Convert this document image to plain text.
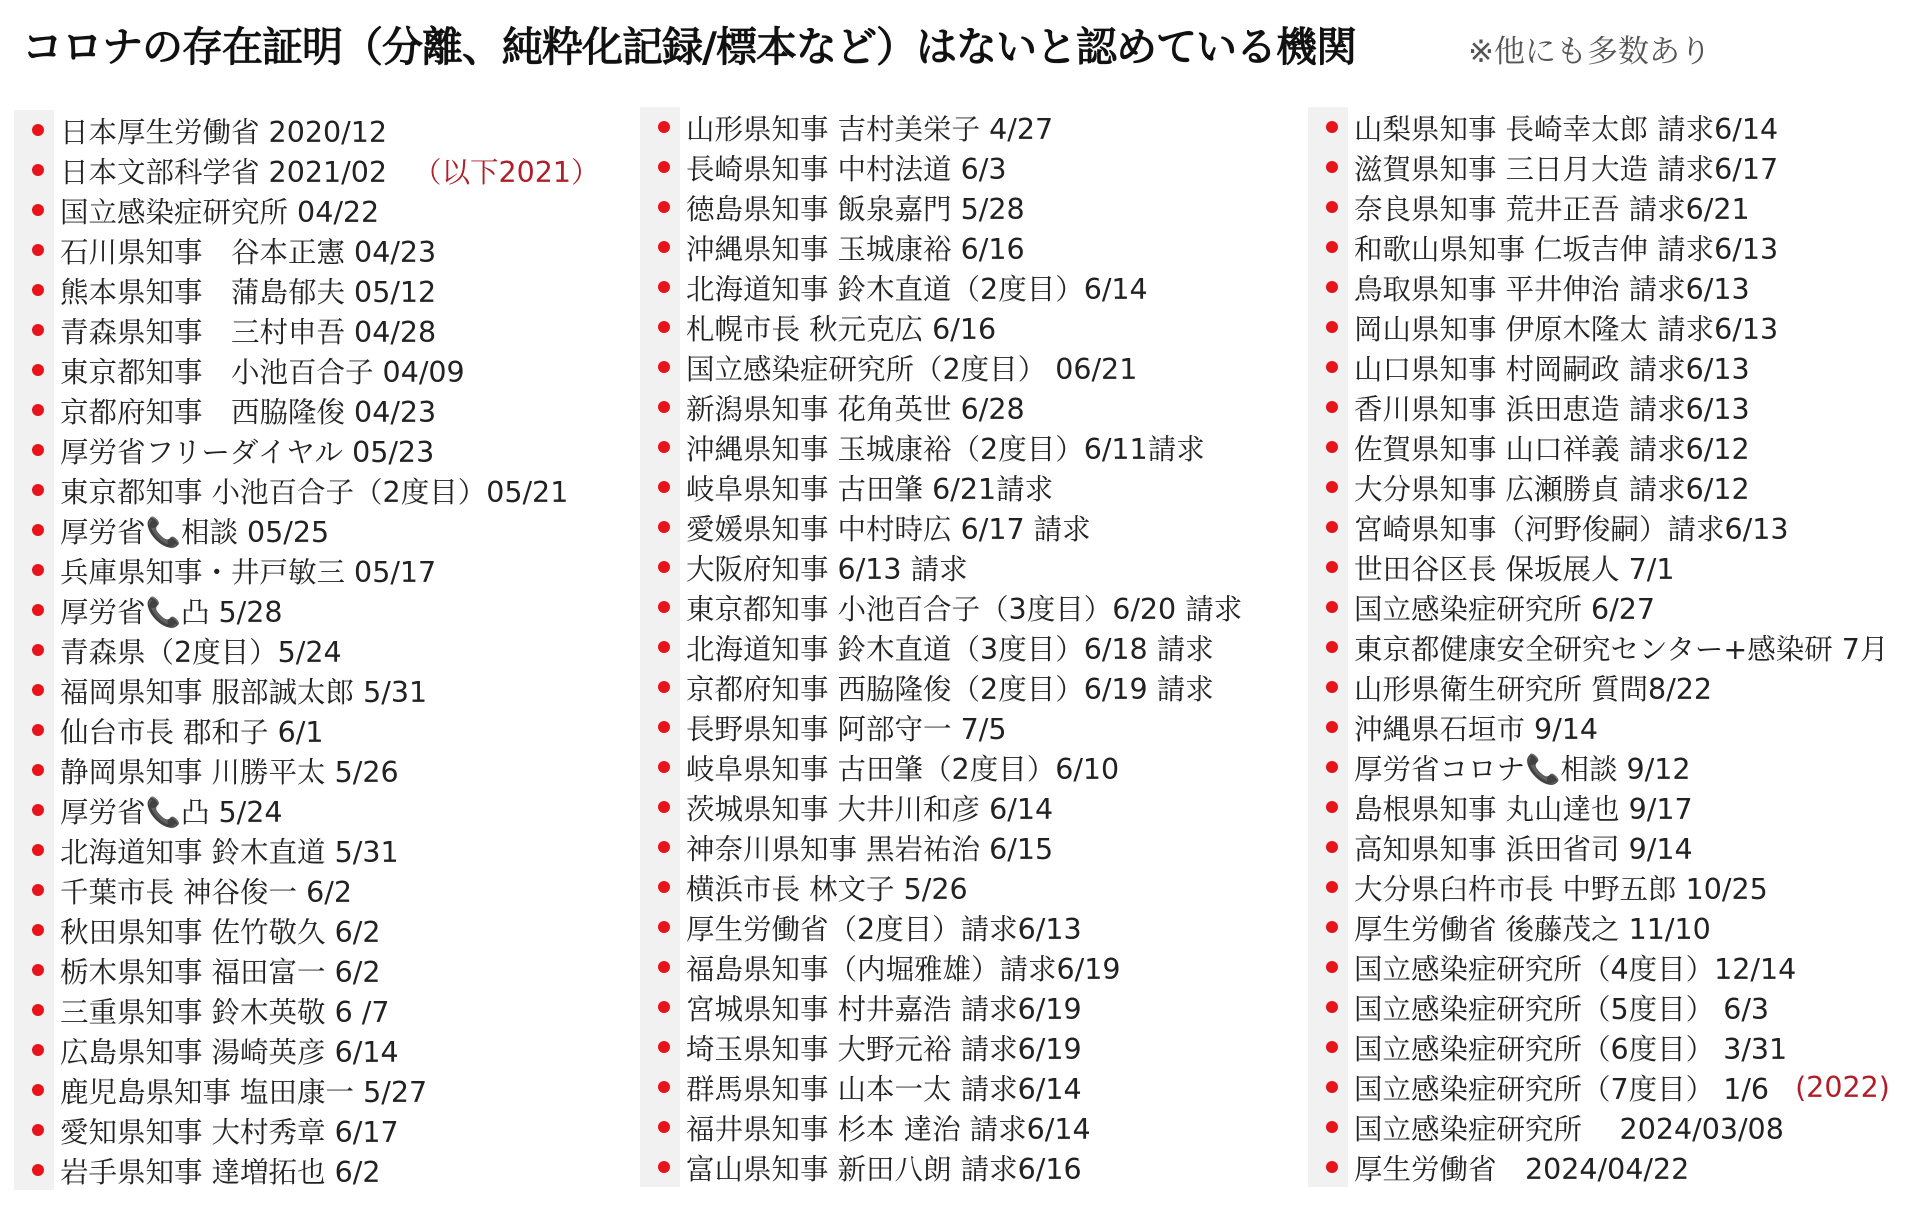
コロナの存在証明（分離、純粋化記録/標本など）はないと認めている機関	※他にも多数あり
日本厚生労働省 2020/12
日本文部科学省 2021/02 （以下2021）
国立感染症研究所 04/22
石川県知事　谷本正憲 04/23
熊本県知事　蒲島郁夫 05/12
青森県知事　三村申吾 04/28
東京都知事　小池百合子 04/09
京都府知事　西脇隆俊 04/23
厚労省フリーダイヤル 05/23
東京都知事 小池百合子（2度目）05/21
厚労省📞相談 05/25
兵庫県知事・井戸敏三 05/17
厚労省📞凸 5/28
青森県（2度目）5/24
福岡県知事 服部誠太郎 5/31
仙台市長 郡和子 6/1
静岡県知事 川勝平太 5/26
厚労省📞凸 5/24
北海道知事 鈴木直道 5/31
千葉市長 神谷俊一 6/2
秋田県知事 佐竹敬久 6/2
栃木県知事 福田富一 6/2
三重県知事 鈴木英敬 6 /7
広島県知事 湯崎英彦 6/14
鹿児島県知事 塩田康一 5/27
愛知県知事 大村秀章 6/17
岩手県知事 達増拓也 6/2
山形県知事 吉村美栄子 4/27
長崎県知事 中村法道 6/3
徳島県知事 飯泉嘉門 5/28
沖縄県知事 玉城康裕 6/16
北海道知事 鈴木直道（2度目）6/14
札幌市長 秋元克広 6/16
国立感染症研究所（2度目） 06/21
新潟県知事 花角英世 6/28
沖縄県知事 玉城康裕（2度目）6/11請求
岐阜県知事 古田肇 6/21請求
愛媛県知事 中村時広 6/17 請求
大阪府知事 6/13 請求
東京都知事 小池百合子（3度目）6/20 請求
北海道知事 鈴木直道（3度目）6/18 請求
京都府知事 西脇隆俊（2度目）6/19 請求
長野県知事 阿部守一 7/5
岐阜県知事 古田肇（2度目）6/10
茨城県知事 大井川和彦 6/14
神奈川県知事 黒岩祐治 6/15
横浜市長 林文子 5/26
厚生労働省（2度目）請求6/13
福島県知事（内堀雅雄）請求6/19
宮城県知事 村井嘉浩 請求6/19
埼玉県知事 大野元裕 請求6/19
群馬県知事 山本一太 請求6/14
福井県知事 杉本 達治 請求6/14
富山県知事 新田八朗 請求6/16
山梨県知事 長崎幸太郎 請求6/14
滋賀県知事 三日月大造 請求6/17
奈良県知事 荒井正吾 請求6/21
和歌山県知事 仁坂吉伸 請求6/13
鳥取県知事 平井伸治 請求6/13
岡山県知事 伊原木隆太 請求6/13
山口県知事 村岡嗣政 請求6/13
香川県知事 浜田恵造 請求6/13
佐賀県知事 山口祥義 請求6/12
大分県知事 広瀬勝貞 請求6/12
宮崎県知事（河野俊嗣）請求6/13
世田谷区長 保坂展人 7/1
国立感染症研究所 6/27
東京都健康安全研究センター+感染研 7月
山形県衛生研究所 質問8/22
沖縄県石垣市 9/14
厚労省コロナ📞相談 9/12
島根県知事 丸山達也 9/17
高知県知事 浜田省司 9/14
大分県臼杵市長 中野五郎 10/25
厚生労働省 後藤茂之 11/10
国立感染症研究所（4度目）12/14
国立感染症研究所（5度目） 6/3
国立感染症研究所（6度目） 3/31
国立感染症研究所（7度目） 1/6 (2022)
国立感染症研究所　 2024/03/08
厚生労働省　2024/04/22
